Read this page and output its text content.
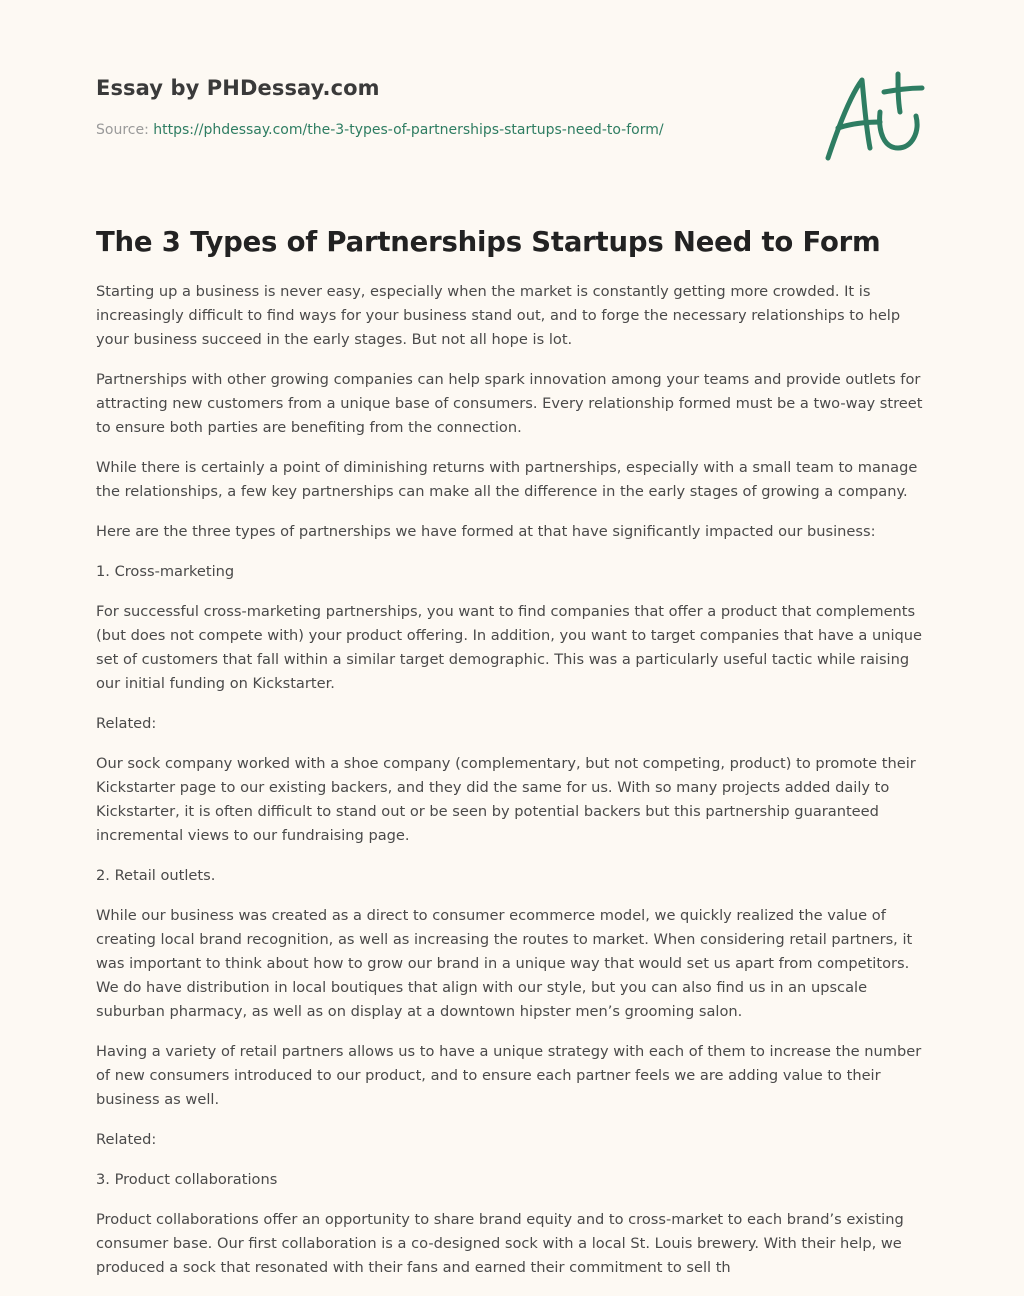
Essay by PHDessay.com
Source: https://phdessay.com/the-3-types-of-partnerships-startups-need-to-form/
The 3 Types of Partnerships Startups Need to Form

Starting up a business is never easy, especially when the market is constantly getting more crowded. It is increasingly difficult to find ways for your business stand out, and to forge the necessary relationships to help your business succeed in the early stages. But not all hope is lot.

Partnerships with other growing companies can help spark innovation among your teams and provide outlets for attracting new customers from a unique base of consumers. Every relationship formed must be a two-way street to ensure both parties are benefiting from the connection.

While there is certainly a point of diminishing returns with partnerships, especially with a small team to manage the relationships, a few key partnerships can make all the difference in the early stages of growing a company.

Here are the three types of partnerships we have formed at that have significantly impacted our business:

1. Cross-marketing

For successful cross-marketing partnerships, you want to find companies that offer a product that complements (but does not compete with) your product offering. In addition, you want to target companies that have a unique set of customers that fall within a similar target demographic. This was a particularly useful tactic while raising our initial funding on Kickstarter.

Related:

Our sock company worked with a shoe company (complementary, but not competing, product) to promote their Kickstarter page to our existing backers, and they did the same for us. With so many projects added daily to Kickstarter, it is often difficult to stand out or be seen by potential backers but this partnership guaranteed incremental views to our fundraising page.

2. Retail outlets.

While our business was created as a direct to consumer ecommerce model, we quickly realized the value of creating local brand recognition, as well as increasing the routes to market. When considering retail partners, it was important to think about how to grow our brand in a unique way that would set us apart from competitors. We do have distribution in local boutiques that align with our style, but you can also find us in an upscale suburban pharmacy, as well as on display at a downtown hipster men’s grooming salon.

Having a variety of retail partners allows us to have a unique strategy with each of them to increase the number of new consumers introduced to our product, and to ensure each partner feels we are adding value to their business as well.

Related:

3. Product collaborations

Product collaborations offer an opportunity to share brand equity and to cross-market to each brand’s existing consumer base. Our first collaboration is a co-designed sock with a local St. Louis brewery. With their help, we produced a sock that resonated with their fans and earned their commitment to sell th
